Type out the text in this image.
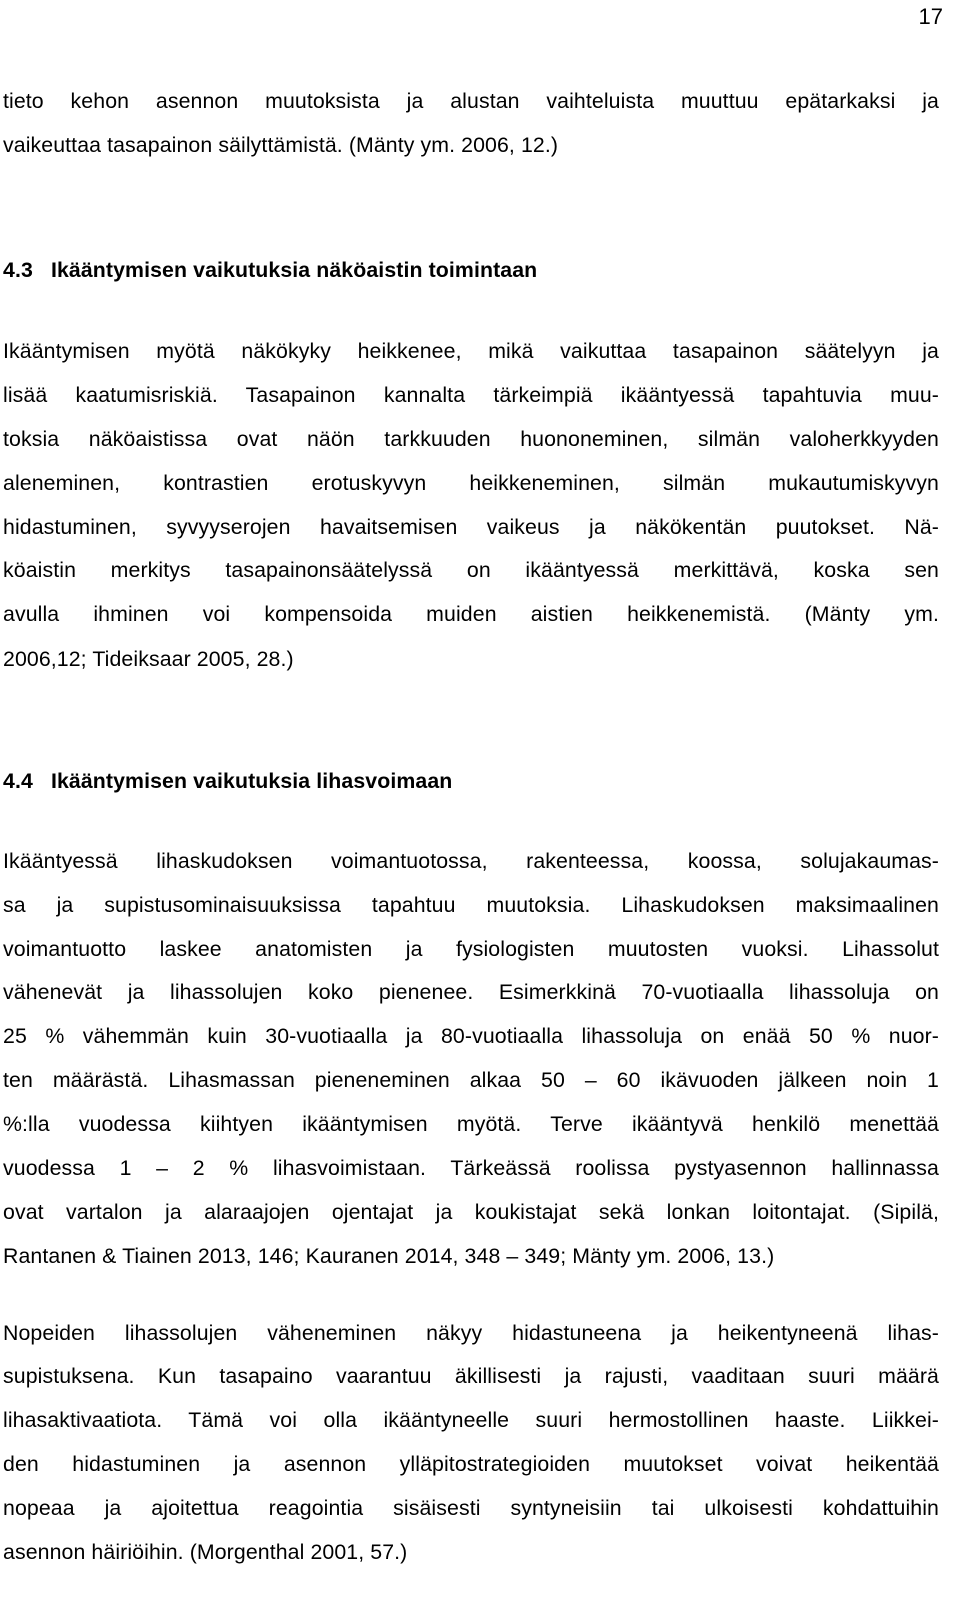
17
tieto kehon asennon muutoksista ja alustan vaihteluista muuttuu epätarkaksi ja
vaikeuttaa tasapainon säilyttämistä. (Mänty ym. 2006, 12.)
4.3   Ikääntymisen vaikutuksia näköaistin toimintaan
Ikääntymisen myötä näkökyky heikkenee, mikä vaikuttaa tasapainon säätelyyn ja
lisää kaatumisriskiä. Tasapainon kannalta tärkeimpiä ikääntyessä tapahtuvia muu-
toksia näköaistissa ovat näön tarkkuuden huononeminen, silmän valoherkkyyden
aleneminen, kontrastien erotuskyvyn heikkeneminen, silmän mukautumiskyvyn
hidastuminen, syvyyserojen havaitsemisen vaikeus ja näkökentän puutokset. Nä-
köaistin merkitys tasapainonsäätelyssä on ikääntyessä merkittävä, koska sen
avulla ihminen voi kompensoida muiden aistien heikkenemistä. (Mänty ym.
2006,12; Tideiksaar 2005, 28.)
4.4   Ikääntymisen vaikutuksia lihasvoimaan
Ikääntyessä lihaskudoksen voimantuotossa, rakenteessa, koossa, solujakaumas-
sa ja supistusominaisuuksissa tapahtuu muutoksia. Lihaskudoksen maksimaalinen
voimantuotto laskee anatomisten ja fysiologisten muutosten vuoksi. Lihassolut
vähenevät ja lihassolujen koko pienenee. Esimerkkinä 70-vuotiaalla lihassoluja on
25 % vähemmän kuin 30-vuotiaalla ja 80-vuotiaalla lihassoluja on enää 50 % nuor-
ten määrästä. Lihasmassan pieneneminen alkaa 50 – 60 ikävuoden jälkeen noin 1
%:lla vuodessa kiihtyen ikääntymisen myötä. Terve ikääntyvä henkilö menettää
vuodessa 1 – 2 % lihasvoimistaan. Tärkeässä roolissa pystyasennon hallinnassa
ovat vartalon ja alaraajojen ojentajat ja koukistajat sekä lonkan loitontajat. (Sipilä,
Rantanen & Tiainen 2013, 146; Kauranen 2014, 348 – 349; Mänty ym. 2006, 13.)
Nopeiden lihassolujen väheneminen näkyy hidastuneena ja heikentyneenä lihas-
supistuksena. Kun tasapaino vaarantuu äkillisesti ja rajusti, vaaditaan suuri määrä
lihasaktivaatiota. Tämä voi olla ikääntyneelle suuri hermostollinen haaste. Liikkei-
den hidastuminen ja asennon ylläpitostrategioiden muutokset voivat heikentää
nopeaa ja ajoitettua reagointia sisäisesti syntyneisiin tai ulkoisesti kohdattuihin
asennon häiriöihin. (Morgenthal 2001, 57.)
